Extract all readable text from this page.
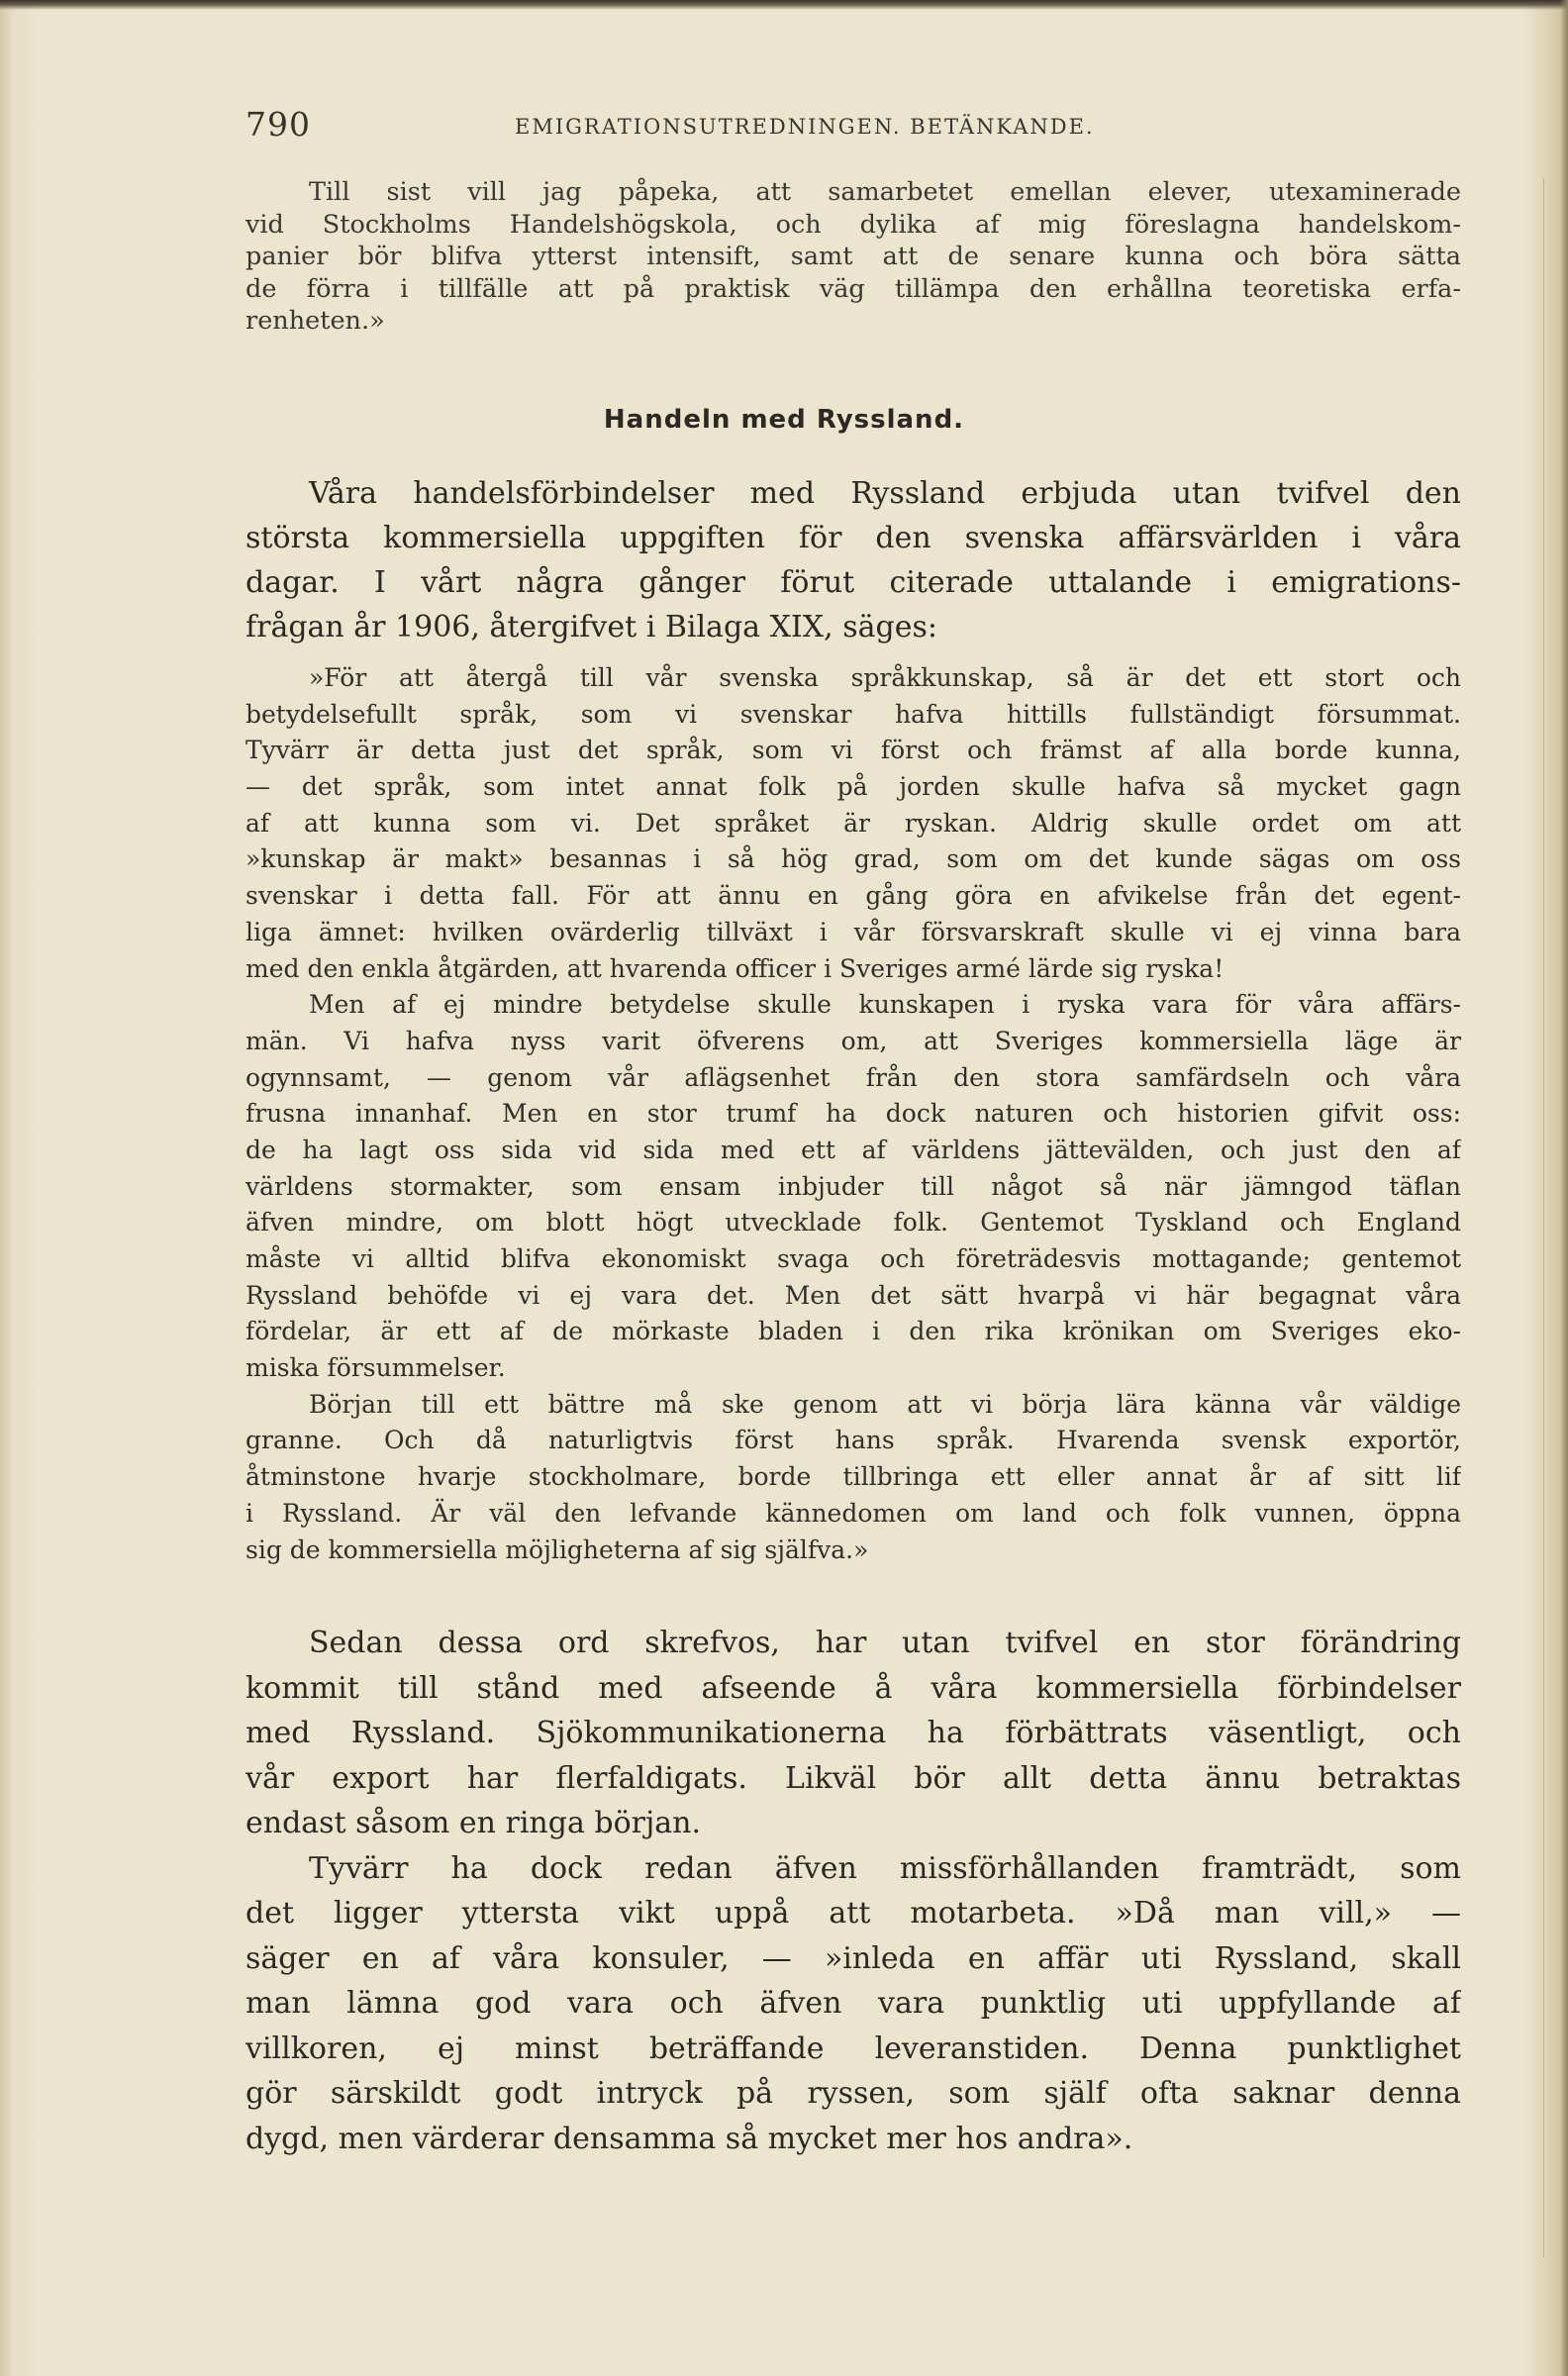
790	EMIGRATIONSUTREDNINGEN. BETÄNKANDE.
Till sist vill jag påpeka, att samarbetet emellan elever, utexaminerade
vid Stockholms Handelshögskola, och dylika af mig föreslagna handelskom-
panier bör blifva ytterst intensift, samt att de senare kunna och böra sätta
de förra i tillfälle att på praktisk väg tillämpa den erhållna teoretiska erfa-
renheten.»
Handeln med Ryssland.
Våra handelsförbindelser med Ryssland erbjuda utan tvifvel den
största kommersiella uppgiften för den svenska affärsvärlden i våra
dagar. I vårt några gånger förut citerade uttalande i emigrations-
frågan år 1906, återgifvet i Bilaga XIX, säges:
»För att återgå till vår svenska språkkunskap, så är det ett stort och
betydelsefullt språk, som vi svenskar hafva hittills fullständigt försummat.
Tyvärr är detta just det språk, som vi först och främst af alla borde kunna,
— det språk, som intet annat folk på jorden skulle hafva så mycket gagn
af att kunna som vi. Det språket är ryskan. Aldrig skulle ordet om att
»kunskap är makt» besannas i så hög grad, som om det kunde sägas om oss
svenskar i detta fall. För att ännu en gång göra en afvikelse från det egent-
liga ämnet: hvilken ovärderlig tillväxt i vår försvarskraft skulle vi ej vinna bara
med den enkla åtgärden, att hvarenda officer i Sveriges armé lärde sig ryska!
Men af ej mindre betydelse skulle kunskapen i ryska vara för våra affärs-
män. Vi hafva nyss varit öfverens om, att Sveriges kommersiella läge är
ogynnsamt, — genom vår aflägsenhet från den stora samfärdseln och våra
frusna innanhaf. Men en stor trumf ha dock naturen och historien gifvit oss:
de ha lagt oss sida vid sida med ett af världens jättevälden, och just den af
världens stormakter, som ensam inbjuder till något så när jämngod täflan
äfven mindre, om blott högt utvecklade folk. Gentemot Tyskland och England
måste vi alltid blifva ekonomiskt svaga och företrädesvis mottagande; gentemot
Ryssland behöfde vi ej vara det. Men det sätt hvarpå vi här begagnat våra
fördelar, är ett af de mörkaste bladen i den rika krönikan om Sveriges eko-
miska försummelser.
Början till ett bättre må ske genom att vi börja lära känna vår väldige
granne. Och då naturligtvis först hans språk. Hvarenda svensk exportör,
åtminstone hvarje stockholmare, borde tillbringa ett eller annat år af sitt lif
i Ryssland. Är väl den lefvande kännedomen om land och folk vunnen, öppna
sig de kommersiella möjligheterna af sig själfva.»
Sedan dessa ord skrefvos, har utan tvifvel en stor förändring
kommit till stånd med afseende å våra kommersiella förbindelser
med Ryssland. Sjökommunikationerna ha förbättrats väsentligt, och
vår export har flerfaldigats. Likväl bör allt detta ännu betraktas
endast såsom en ringa början.
Tyvärr ha dock redan äfven missförhållanden framträdt, som
det ligger yttersta vikt uppå att motarbeta. »Då man vill,» —
säger en af våra konsuler, — »inleda en affär uti Ryssland, skall
man lämna god vara och äfven vara punktlig uti uppfyllande af
villkoren, ej minst beträffande leveranstiden. Denna punktlighet
gör särskildt godt intryck på ryssen, som själf ofta saknar denna
dygd, men värderar densamma så mycket mer hos andra».
